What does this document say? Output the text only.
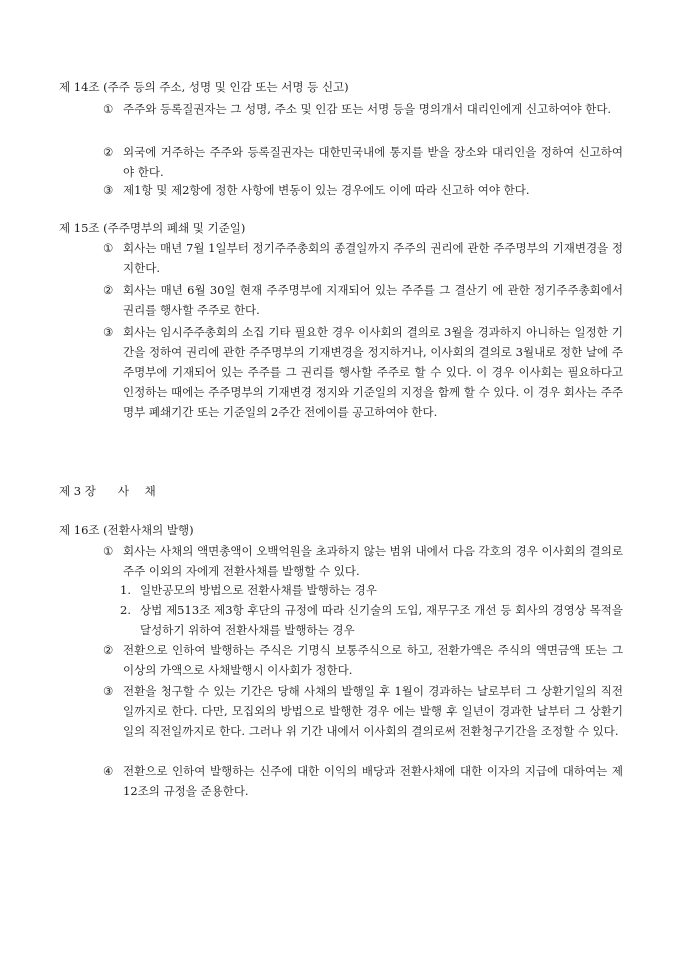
제 14조 (주주 등의 주소, 성명 및 인감 또는 서명 등 신고)
① 주주와 등록질권자는 그 성명, 주소 및 인감 또는 서명 등을 명의개서 대리인에게 신고하여야 한다.
② 외국에 거주하는 주주와 등록질권자는 대한민국내에 통지를 받을 장소와 대리인을 정하여 신고하여야 한다.
③ 제1항 및 제2항에 정한 사항에 변동이 있는 경우에도 이에 따라 신고하 여야 한다.
제 15조 (주주명부의 폐쇄 및 기준일)
① 회사는 매년 7월 1일부터 정기주주총회의 종결일까지 주주의 권리에 관한 주주명부의 기재변경을 정지한다.
② 회사는 매년 6월 30일 현재 주주명부에 지재되어 있는 주주를 그 결산기 에 관한 정기주주총회에서 권리를 행사할 주주로 한다.
③ 회사는 임시주주총회의 소집 기타 필요한 경우 이사회의 결의로 3월을 경과하지 아니하는 일정한 기간을 정하여 권리에 관한 주주명부의 기재변경을 정지하거나, 이사회의 결의로 3월내로 정한 날에 주주명부에 기재되어 있는 주주를 그 권리를 행사할 주주로 할 수 있다. 이 경우 이사회는 필요하다고 인정하는 때에는 주주명부의 기재변경 정지와 기준일의 지정을 함께 할 수 있다. 이 경우 회사는 주주명부 폐쇄기간 또는 기준일의 2주간 전에이를 공고하여야 한다.
제 3 장 사 채
제 16조 (전환사채의 발행)
① 회사는 사채의 액면총액이 오백억원을 초과하지 않는 범위 내에서 다음 각호의 경우 이사회의 결의로 주주 이외의 자에게 전환사채를 발행할 수 있다.
1. 일반공모의 방법으로 전환사채를 발행하는 경우
2. 상법 제513조 제3항 후단의 규정에 따라 신기술의 도입, 재무구조 개선 등 회사의 경영상 목적을 달성하기 위하여 전환사채를 발행하는 경우
② 전환으로 인하여 발행하는 주식은 기명식 보통주식으로 하고, 전환가액은 주식의 액면금액 또는 그 이상의 가액으로 사채발행시 이사회가 정한다.
③ 전환을 청구할 수 있는 기간은 당해 사채의 발행일 후 1월이 경과하는 날로부터 그 상환기일의 직전일까지로 한다. 다만, 모집외의 방법으로 발행한 경우 에는 발행 후 일년이 경과한 날부터 그 상환기일의 직전일까지로 한다. 그러나 위 기간 내에서 이사회의 결의로써 전환청구기간을 조정할 수 있다.
④ 전환으로 인하여 발행하는 신주에 대한 이익의 배당과 전환사채에 대한 이자의 지급에 대하여는 제12조의 규정을 준용한다.
